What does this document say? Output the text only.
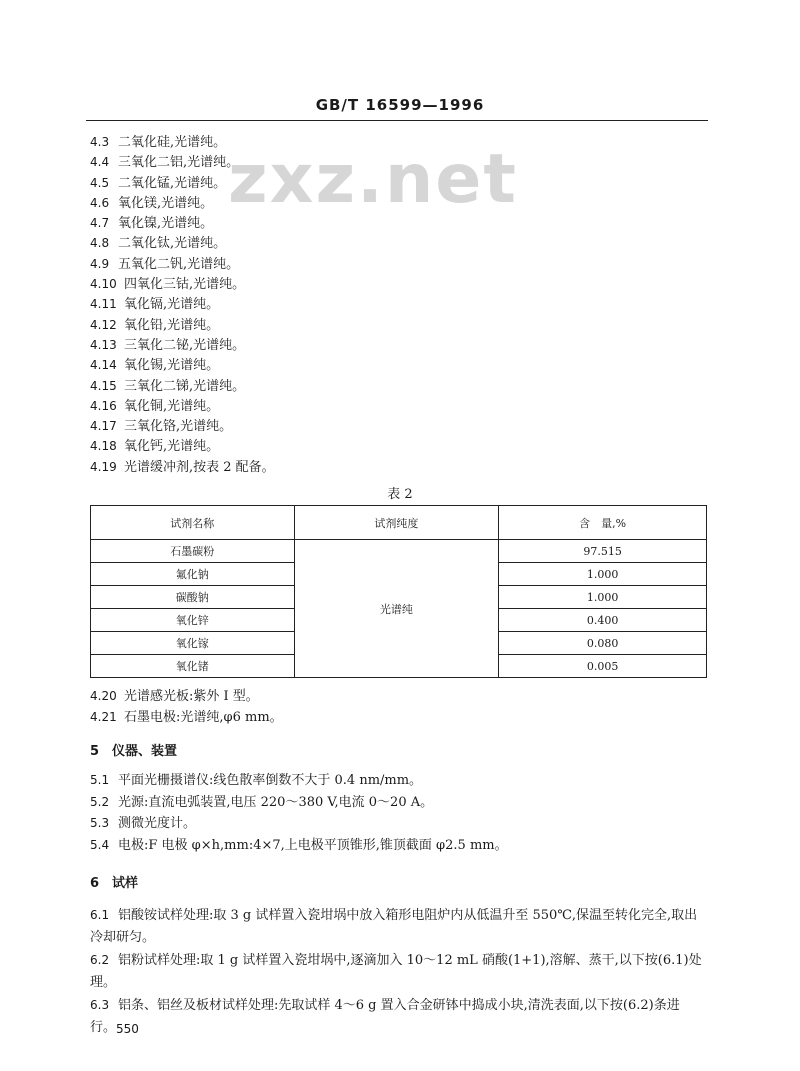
GB/T 16599—1996
zxz.net
4.3 二氧化硅,光谱纯。
4.4 三氧化二铝,光谱纯。
4.5 二氧化锰,光谱纯。
4.6 氧化镁,光谱纯。
4.7 氧化镍,光谱纯。
4.8 二氧化钛,光谱纯。
4.9 五氧化二钒,光谱纯。
4.10 四氧化三钴,光谱纯。
4.11 氧化镉,光谱纯。
4.12 氧化铅,光谱纯。
4.13 三氧化二铋,光谱纯。
4.14 氧化锡,光谱纯。
4.15 三氧化二锑,光谱纯。
4.16 氧化铜,光谱纯。
4.17 三氧化铬,光谱纯。
4.18 氧化钙,光谱纯。
4.19 光谱缓冲剂,按表 2 配备。
表 2
试剂名称	试剂纯度	含　量,%
石墨碳粉	光谱纯	97.515
氟化钠		1.000
碳酸钠		1.000
氧化锌		0.400
氧化镓		0.080
氧化锗		0.005
4.20 光谱感光板:紫外 I 型。
4.21 石墨电极:光谱纯,φ6 mm。
5　仪器、装置
5.1 平面光栅摄谱仪:线色散率倒数不大于 0.4 nm/mm。
5.2 光源:直流电弧装置,电压 220～380 V,电流 0～20 A。
5.3 测微光度计。
5.4 电极:F 电极 φ×h,mm:4×7,上电极平顶锥形,锥顶截面 φ2.5 mm。
6　试样
6.1 铝酸铵试样处理:取 3 g 试样置入瓷坩埚中放入箱形电阻炉内从低温升至 550℃,保温至转化完全,取出冷却研匀。
6.2 铝粉试样处理:取 1 g 试样置入瓷坩埚中,逐滴加入 10～12 mL 硝酸(1+1),溶解、蒸干,以下按(6.1)处理。
6.3 铝条、铝丝及板材试样处理:先取试样 4～6 g 置入合金研钵中捣成小块,清洗表面,以下按(6.2)条进行。 550
